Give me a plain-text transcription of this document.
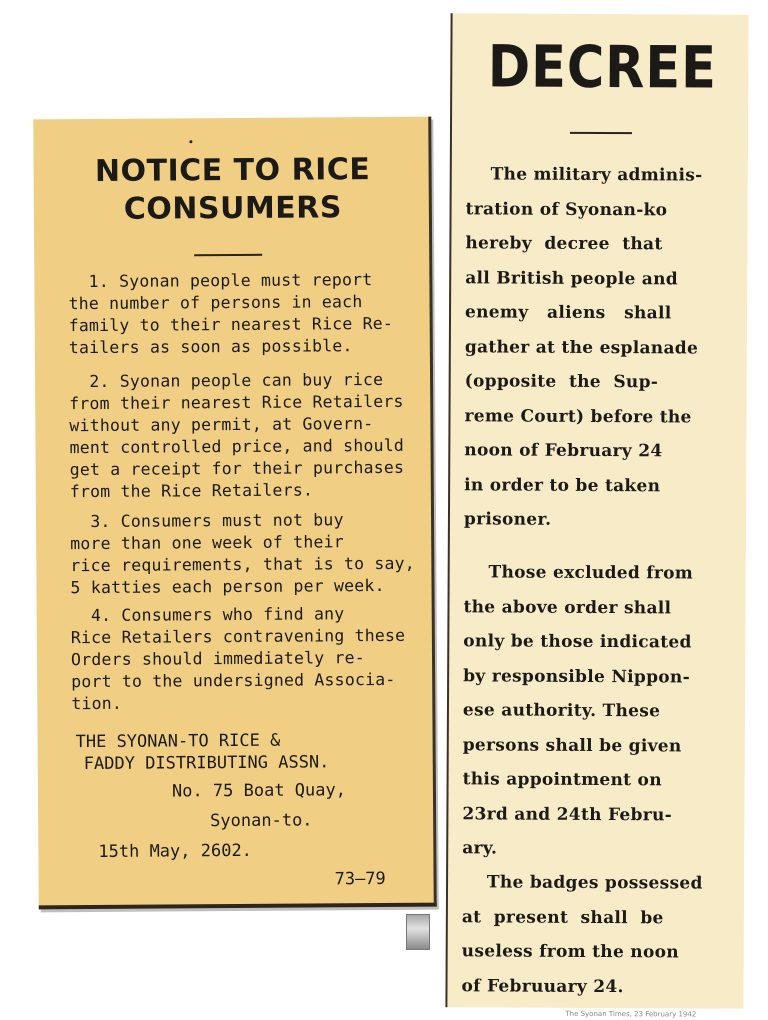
NOTICE TO RICE
CONSUMERS

1. Syonan people must report
the number of persons in each
family to their nearest Rice Re-
tailers as soon as possible.

2. Syonan people can buy rice
from their nearest Rice Retailers
without any permit, at Govern-
ment controlled price, and should
get a receipt for their purchases
from the Rice Retailers.

3. Consumers must not buy
more than one week of their
rice requirements, that is to say,
5 katties each person per week.

4. Consumers who find any
Rice Retailers contravening these
Orders should immediately re-
port to the undersigned Associa-
tion.

THE SYONAN-TO RICE &

FADDY DISTRIBUTING ASSN.

No. 75 Boat Quay,

Syonan-to.

15th May, 2602.

73—79

DECREE

The military adminis-
tration of Syonan-ko
hereby  decree  that
all British people and
enemy   aliens   shall
gather at the esplanade
(opposite  the  Sup-
reme Court) before the
noon of February 24
in order to be taken
prisoner.

Those excluded from
the above order shall
only be those indicated
by responsible Nippon-
ese authority. These
persons shall be given
this appointment on
23rd and 24th Febru-
ary.

The badges possessed
at  present  shall  be
useless from the noon
of Februuary 24.

The Syonan Times, 23 February 1942
